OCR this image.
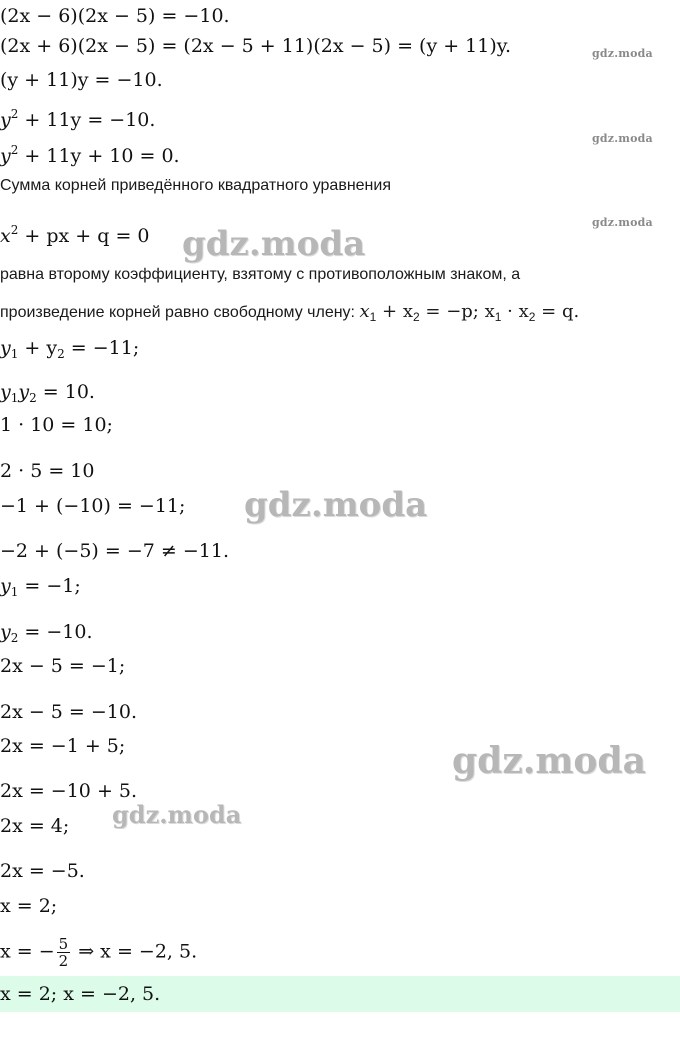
(2x − 6)(2x − 5) = −10.
(2x + 6)(2x − 5) = (2x − 5 + 11)(2x − 5) = (y + 11)y.
(y + 11)y = −10.
$y^2 + 11y = -10$.
$y^2 + 11y + 10 = 0$.
Сумма корней приведённого квадратного уравнения
$x^2$ + px + q = 0
равна второму коэффициенту, взятому с противоположным знаком, а
произведение корней равно свободному члену: $x_1 + x_2 = -p$; $x_1 \cdot x_2 = q$.
$y_1 + y_2 = -11$;
$y_1y_2 = 10$.
1 · 10 = 10;
2 · 5 = 10
−1 + (−10) = −11;
−2 + (−5) = −7 ≠ −11.
$y_1 = -1$;
$y_2 = -10$.
2x − 5 = −1;
2x − 5 = −10.
2x = −1 + 5;
2x = −10 + 5.
2x = 4;
2x = −5.
x = 2;
x = − $\frac{5}{2}$ ⇒ x = −2, 5.
x = 2; x = −2, 5.
gdz.moda
gdz.moda
gdz.moda
gdz.moda
gdz.moda
gdz.moda
gdz.moda
